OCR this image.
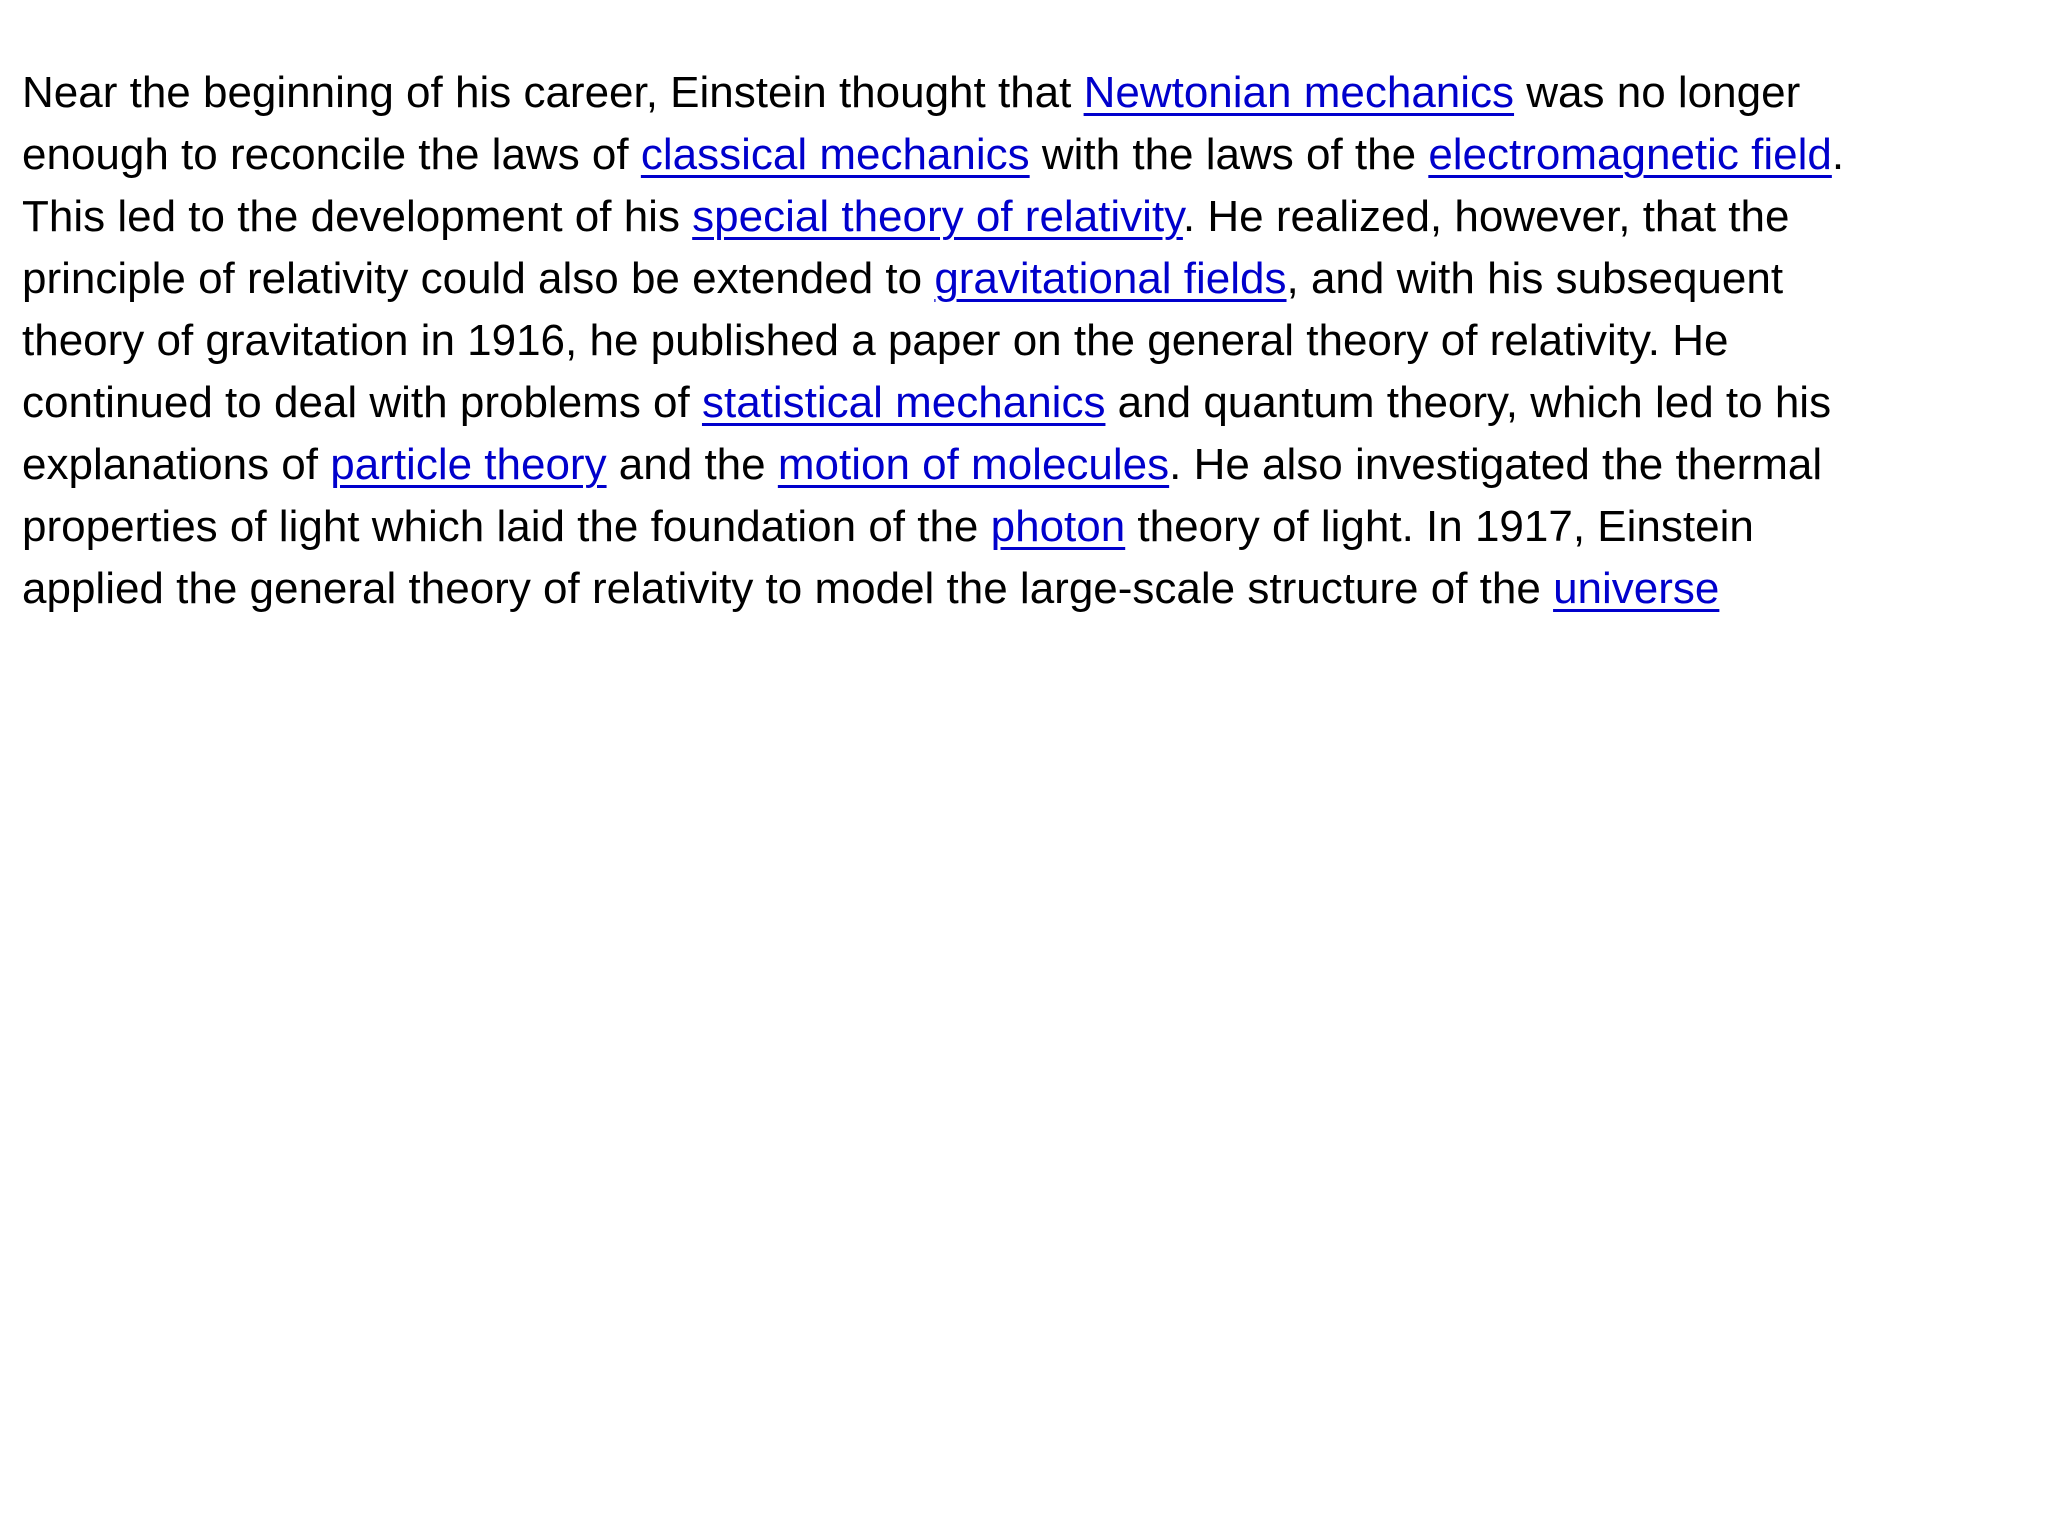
Near the beginning of his career, Einstein thought that Newtonian mechanics was no longer
enough to reconcile the laws of classical mechanics with the laws of the electromagnetic field.
This led to the development of his special theory of relativity. He realized, however, that the
principle of relativity could also be extended to gravitational fields, and with his subsequent
theory of gravitation in 1916, he published a paper on the general theory of relativity. He
continued to deal with problems of statistical mechanics and quantum theory, which led to his
explanations of particle theory and the motion of molecules. He also investigated the thermal
properties of light which laid the foundation of the photon theory of light. In 1917, Einstein
applied the general theory of relativity to model the large-scale structure of the universe
